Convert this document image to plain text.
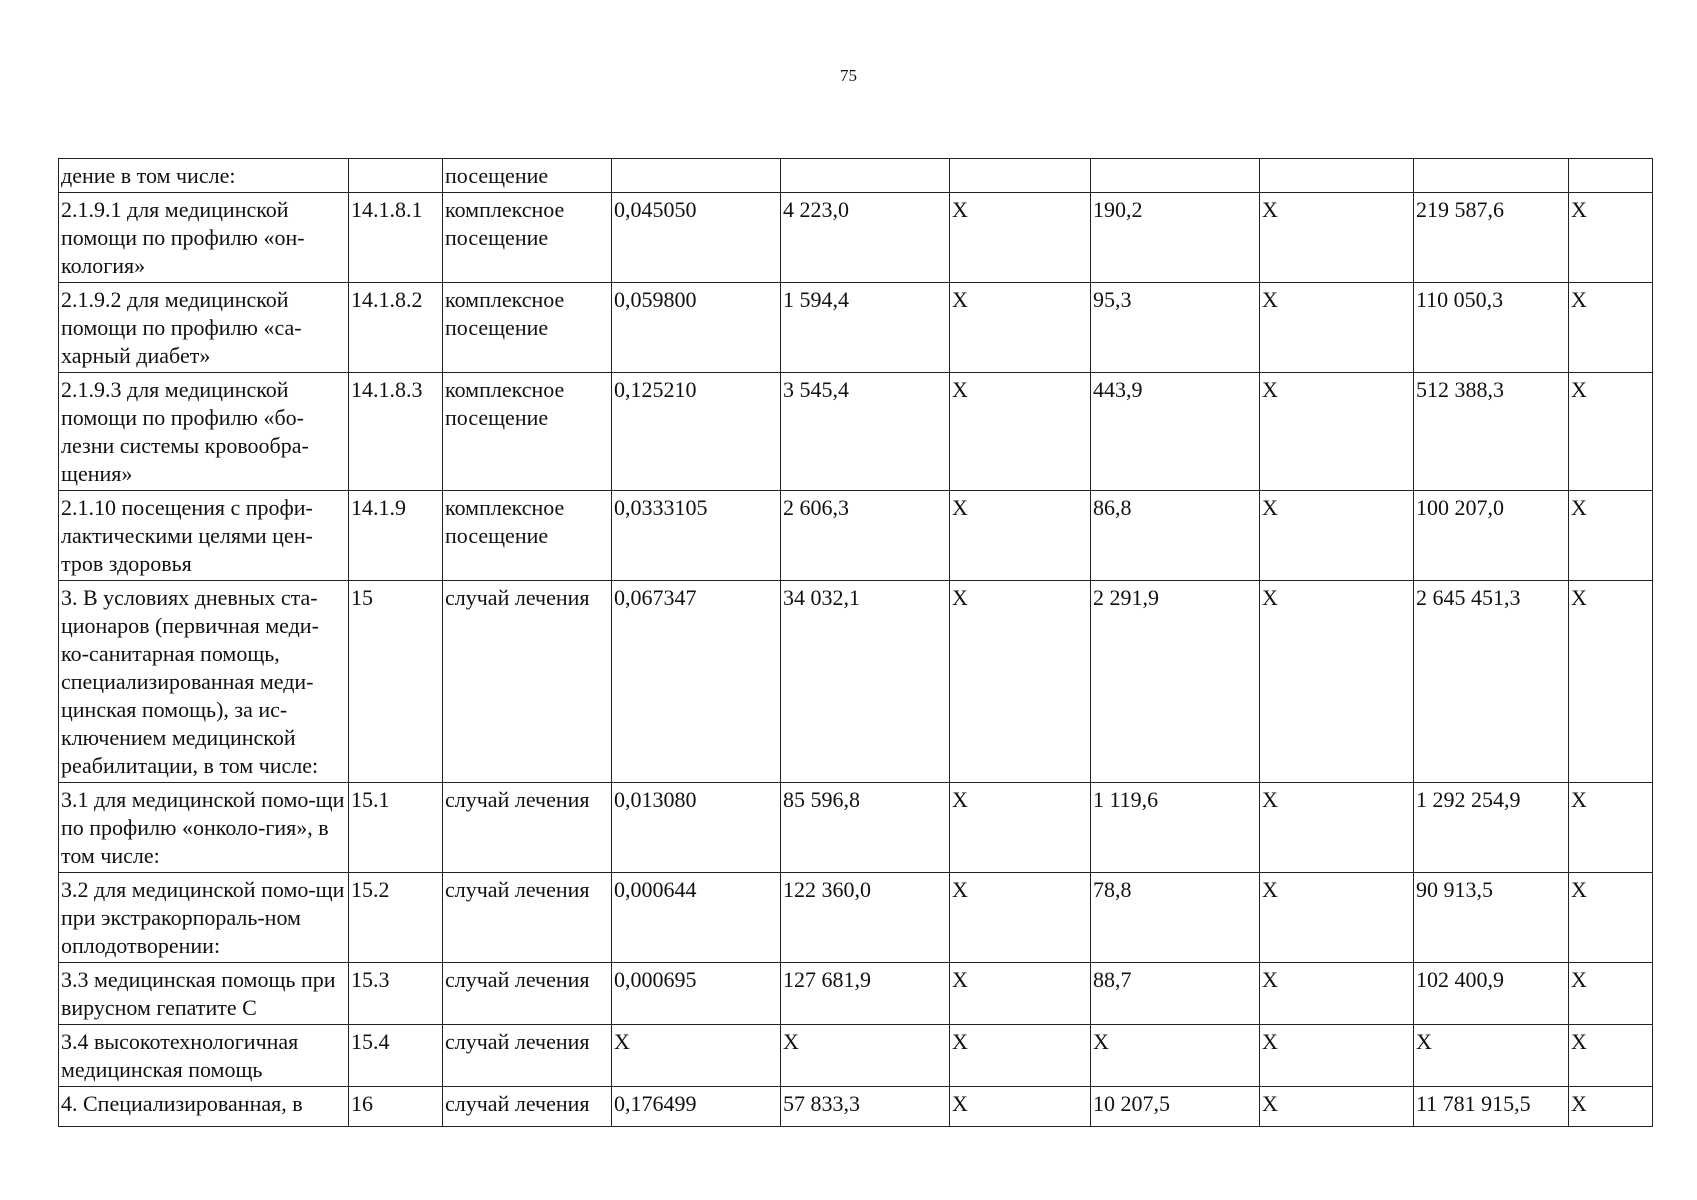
75
дение в том числе:		посещение							
2.1.9.1 для медицинской помощи по профилю «он-кология»	14.1.8.1	комплексное посещение	0,045050	4 223,0	X	190,2	X	219 587,6	X
2.1.9.2 для медицинской помощи по профилю «са-харный диабет»	14.1.8.2	комплексное посещение	0,059800	1 594,4	X	95,3	X	110 050,3	X
2.1.9.3 для медицинской помощи по профилю «бо-лезни системы кровообра-щения»	14.1.8.3	комплексное посещение	0,125210	3 545,4	X	443,9	X	512 388,3	X
2.1.10 посещения с профи-лактическими целями цен-тров здоровья	14.1.9	комплексное посещение	0,0333105	2 606,3	X	86,8	X	100 207,0	X
3. В условиях дневных ста-ционаров (первичная меди-ко-санитарная помощь, специализированная меди-цинская помощь), за ис-ключением медицинской реабилитации, в том числе:	15	случай лечения	0,067347	34 032,1	X	2 291,9	X	2 645 451,3	X
3.1 для медицинской помо-щи по профилю «онколо-гия», в том числе:	15.1	случай лечения	0,013080	85 596,8	X	1 119,6	X	1 292 254,9	X
3.2 для медицинской помо-щи при экстракорпораль-ном оплодотворении:	15.2	случай лечения	0,000644	122 360,0	X	78,8	X	90 913,5	X
3.3 медицинская помощь при вирусном гепатите С	15.3	случай лечения	0,000695	127 681,9	X	88,7	X	102 400,9	X
3.4 высокотехнологичная медицинская помощь	15.4	случай лечения	X	X	X	X	X	X	X
4. Специализированная, в	16	случай лечения	0,176499	57 833,3	X	10 207,5	X	11 781 915,5	X
